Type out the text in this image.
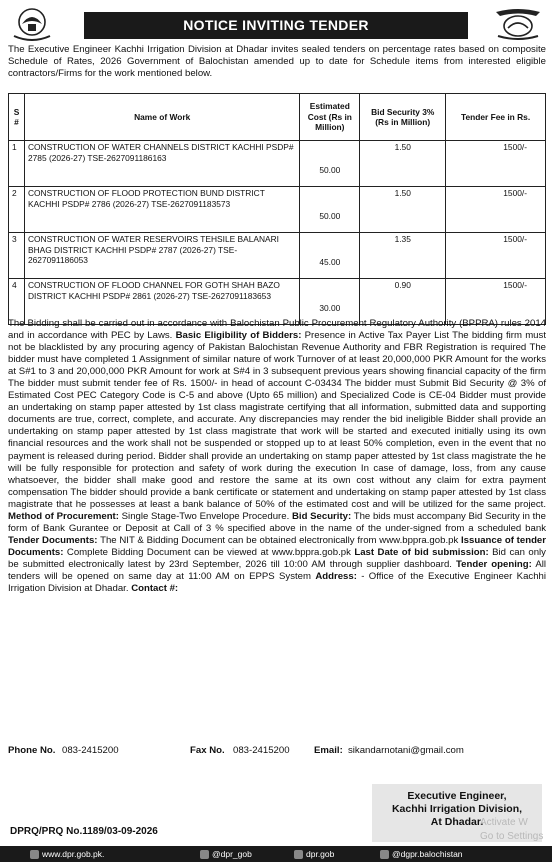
NOTICE INVITING TENDER
The Executive Engineer Kachhi Irrigation Division at Dhadar invites sealed tenders on percentage rates based on composite Schedule of Rates, 2026 Government of Balochistan amended up to date for Schedule items from interested eligible contractors/Firms for the work mentioned below.
S #	Name of Work	Estimated Cost (Rs in Million)	Bid Security 3% (Rs in Million)	Tender Fee in Rs.
1	CONSTRUCTION OF WATER CHANNELS DISTRICT KACHHI PSDP# 2785 (2026-27) TSE-2627091186163	50.00	1.50	1500/-
2	CONSTRUCTION OF FLOOD PROTECTION BUND DISTRICT KACHHI PSDP# 2786 (2026-27) TSE-2627091183573	50.00	1.50	1500/-
3	CONSTRUCTION OF WATER RESERVOIRS TEHSILE BALANARI BHAG DISTRICT KACHHI PSDP# 2787 (2026-27) TSE-2627091186053	45.00	1.35	1500/-
4	CONSTRUCTION OF FLOOD CHANNEL FOR GOTH SHAH BAZO DISTRICT KACHHI PSDP# 2861 (2026-27) TSE-2627091183653	30.00	0.90	1500/-
The Bidding shall be carried out in accordance with Balochistan Public Procurement Regulatory Authority (BPPRA) rules 2014 and in accordance with PEC by Laws. Basic Eligibility of Bidders: Presence in Active Tax Payer List The bidding firm must not be blacklisted by any procuring agency of Pakistan Balochistan Revenue Authority and FBR Registration is required The bidder must have completed 1 Assignment of similar nature of work Turnover of at least 20,000,000 PKR Amount for the works at S#1 to 3 and 20,000,000 PKR Amount for work at S#4 in 3 subsequent previous years showing financial capacity of the firm The bidder must submit tender fee of Rs. 1500/- in head of account C-03434 The bidder must Submit Bid Security @ 3% of Estimated Cost PEC Category Code is C-5 and above (Upto 65 million) and Specialized Code is CE-04 Bidder must provide an undertaking on stamp paper attested by 1st class magistrate certifying that all information, submitted data and supporting documents are true, correct, complete, and accurate. Any discrepancies may render the bid ineligible Bidder shall provide an undertaking on stamp paper attested by 1st class magistrate that work will be started and executed initially using its own financial resources and the work shall not be suspended or stopped up to at least 50% completion, even in the event that no payment is released during period. Bidder shall provide an undertaking on stamp paper attested by 1st class magistrate the he will be fully responsible for protection and safety of work during the execution In case of damage, loss, from any cause whatsoever, the bidder shall make good and restore the same at its own cost without any claim for extra payment compensation The bidder should provide a bank certificate or statement and undertaking on stamp paper attested by 1st class magistrate that he possesses at least a bank balance of 50% of the estimated cost and will be utilized for the same project. Method of Procurement: Single Stage-Two Envelope Procedure. Bid Security: The bids must accompany Bid Security in the form of Bank Gurantee or Deposit at Call of 3 % specified above in the name of the under-signed from a scheduled bank Tender Documents: The NIT & Bidding Document can be obtained electronically from www.bppra.gob.pk Issuance of tender Documents: Complete Bidding Document can be viewed at www.bppra.gob.pk Last Date of bid submission: Bid can only be submitted electronically latest by 23rd September, 2026 till 10:00 AM through supplier dashboard. Tender opening: All tenders will be opened on same day at 11:00 AM on EPPS System Address: - Office of the Executive Engineer Kachhi Irrigation Division at Dhadar. Contact #:
Phone No. 083-2415200	Fax No. 083-2415200	Email: sikandarnotani@gmail.com
Executive Engineer,
Kachhi Irrigation Division,
At Dhadar.
Activate W
Go to Settings
DPRQ/PRQ No.1189/03-09-2026
www.dpr.gob.pk.	@dpr_gob	dpr.gob	@dgpr.balochistan
